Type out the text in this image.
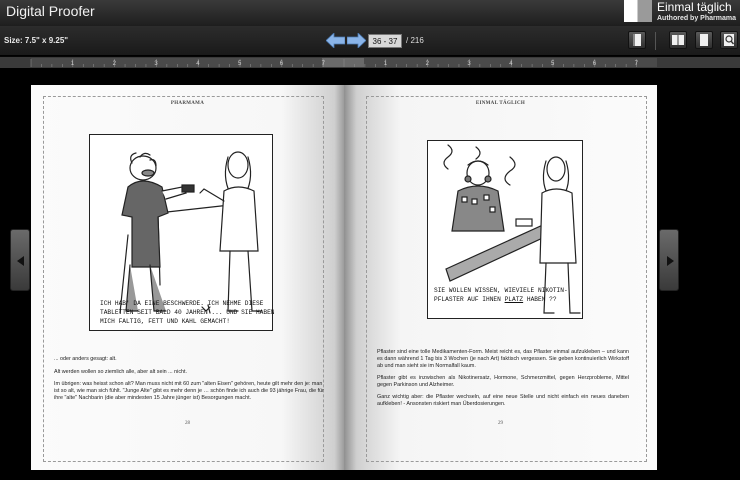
Digital Proofer	Einmal täglich
Authored by Pharmama
Size: 7.5" x 9.25"
36 - 37	/ 216
1	2	3	4	5	6	7	1	2	3	4	5	6	7
PHARMAMA
ICH HAB' DA EINE BESCHWERDE. ICH NEHME DIESE
TABLETTEN SEIT BALD 40 JAHREN ... UND SIE HABEN
MICH FALTIG, FETT UND KAHL GEMACHT!

... oder anders gesagt: alt.

Alt werden wollen so ziemlich alle, aber alt sein ... nicht.

Im übrigen: was heisst schon alt? Man muss nicht mit 60 zum "alten Eisen" gehören, heute gilt mehr den je: man ist so alt, wie man sich fühlt. "Junge Alte" gibt es mehr denn je … schön finde ich auch die 93 jährige Frau, die für ihre "alte" Nachbarin (die aber mindesten 15 Jahre jünger ist) Besorgungen macht.

28
EINMAL TÄGLICH
SIE WOLLEN WISSEN, WIEVIELE NIKOTIN-
PFLASTER AUF IHNEN PLATZ HABEN ??

Pflaster sind eine tolle Medikamenten-Form. Meist reicht es, das Pflaster einmal aufzukleben – und kann es dann während 1 Tag bis 3 Wochen (je nach Art) faktisch vergessen. Sie geben kontinuierlich Wirkstoff ab und man sieht sie im Normalfall kaum.

Pflaster gibt es inzwischen als Nikotinersatz, Hormone, Schmerzmittel, gegen Herzprobleme, Mittel gegen Parkinson und Alzheimer.

Ganz wichtig aber: die Pflaster wechseln, auf eine neue Stelle und nicht einfach ein neues daneben aufkleben! - Ansonsten riskiert man Überdosierungen.

29
